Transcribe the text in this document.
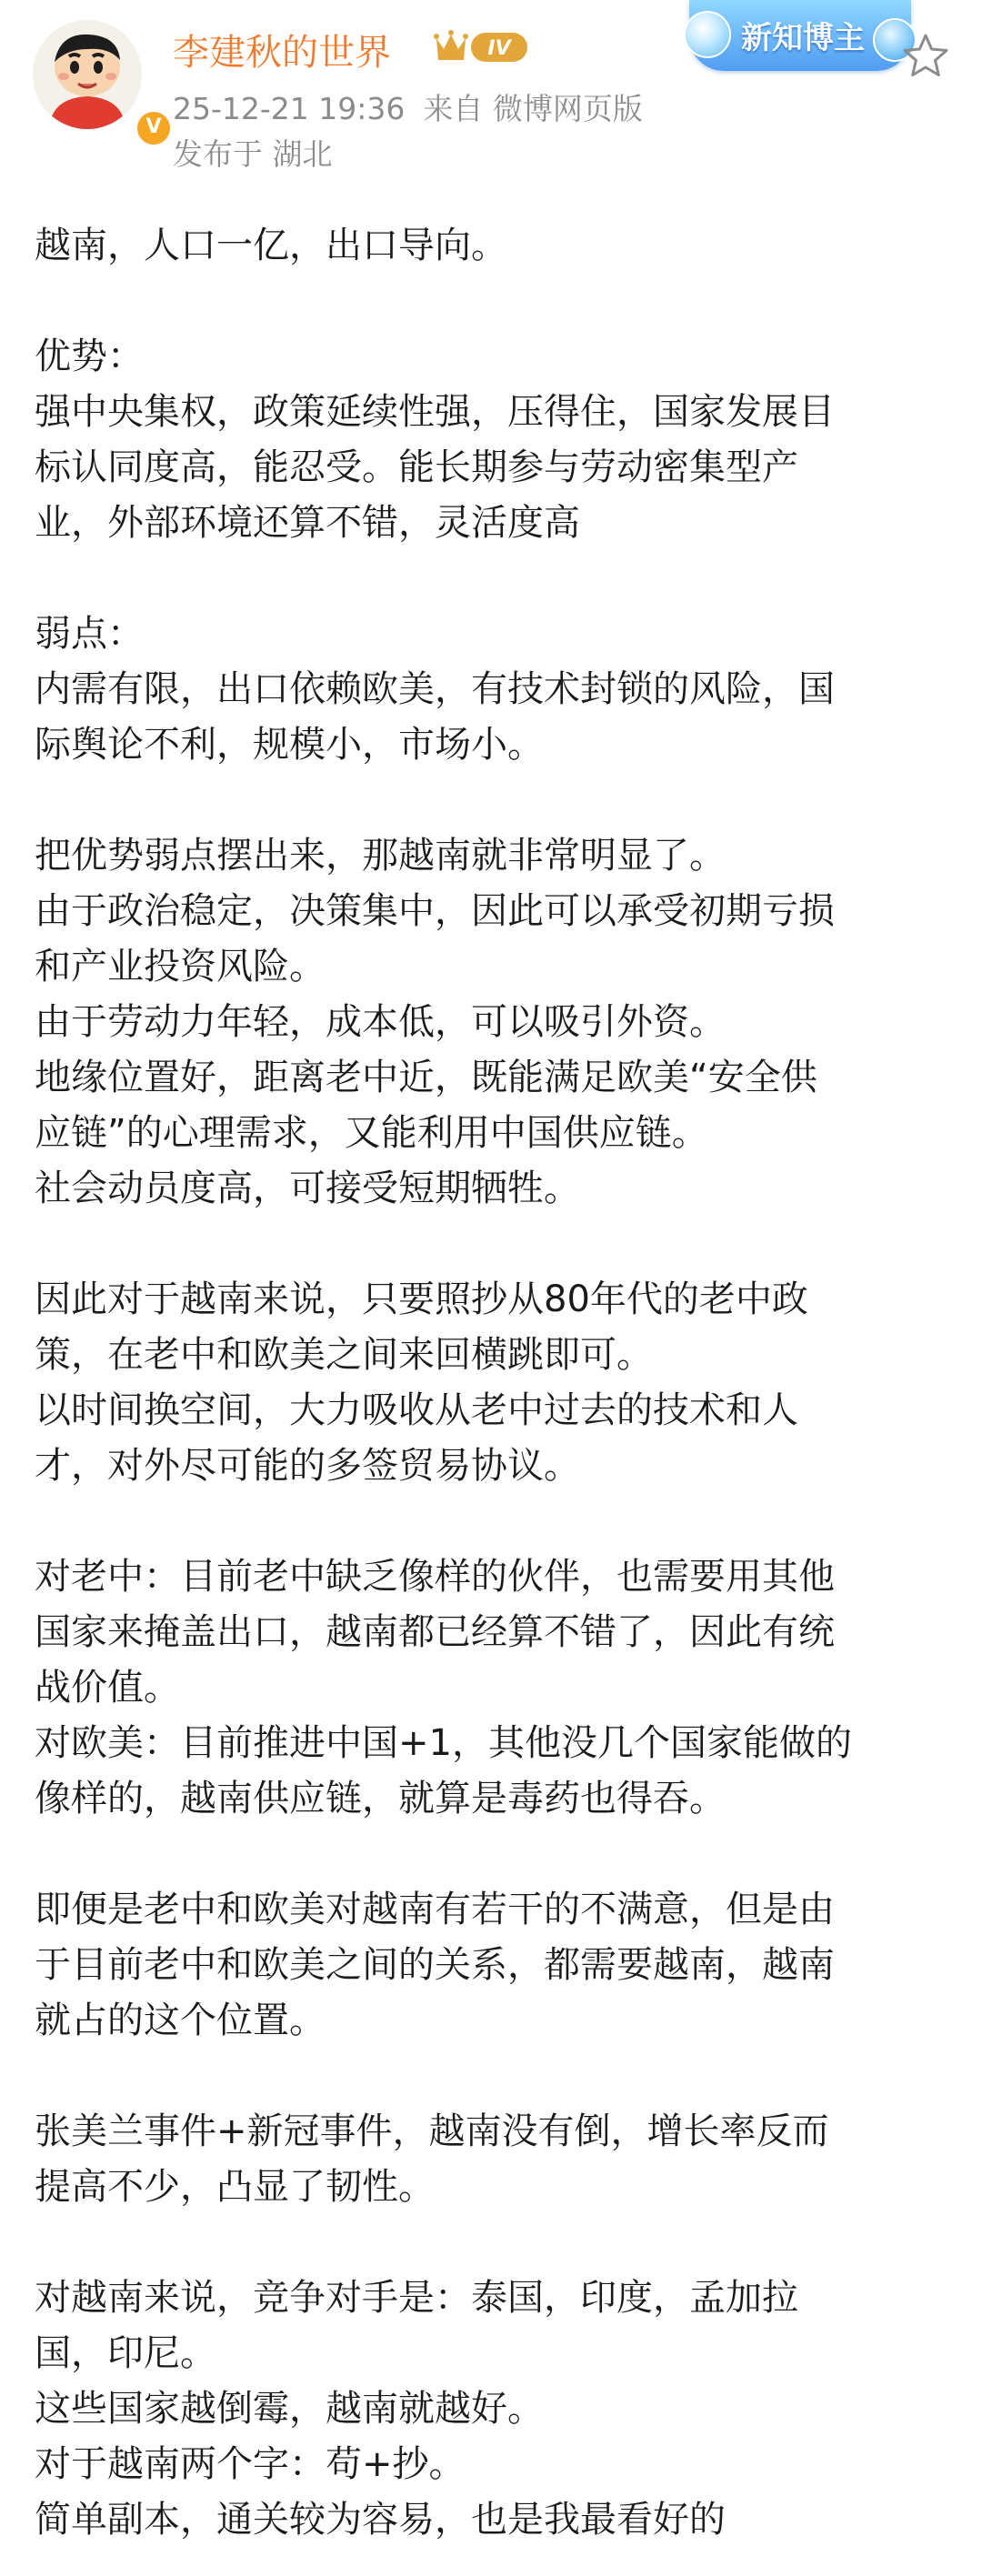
V
李建秋的世界	IV
25-12-21 19:36 来自 微博网页版
发布于 湖北
新知博主

越南，人口一亿，出口导向。

优势：

强中央集权，政策延续性强，压得住，国家发展目

标认同度高，能忍受。能长期参与劳动密集型产

业，外部环境还算不错，灵活度高

弱点：

内需有限，出口依赖欧美，有技术封锁的风险，国

际舆论不利，规模小，市场小。

把优势弱点摆出来，那越南就非常明显了。

由于政治稳定，决策集中，因此可以承受初期亏损

和产业投资风险。

由于劳动力年轻，成本低，可以吸引外资。

地缘位置好，距离老中近，既能满足欧美“安全供

应链”的心理需求，又能利用中国供应链。

社会动员度高，可接受短期牺牲。

因此对于越南来说，只要照抄从80年代的老中政

策，在老中和欧美之间来回横跳即可。

以时间换空间，大力吸收从老中过去的技术和人

才，对外尽可能的多签贸易协议。

对老中：目前老中缺乏像样的伙伴，也需要用其他

国家来掩盖出口，越南都已经算不错了，因此有统

战价值。

对欧美：目前推进中国+1，其他没几个国家能做的

像样的，越南供应链，就算是毒药也得吞。

即便是老中和欧美对越南有若干的不满意，但是由

于目前老中和欧美之间的关系，都需要越南，越南

就占的这个位置。

张美兰事件+新冠事件，越南没有倒，增长率反而

提高不少，凸显了韧性。

对越南来说，竞争对手是：泰国，印度，孟加拉

国，印尼。

这些国家越倒霉，越南就越好。

对于越南两个字：苟+抄。

简单副本，通关较为容易，也是我最看好的
